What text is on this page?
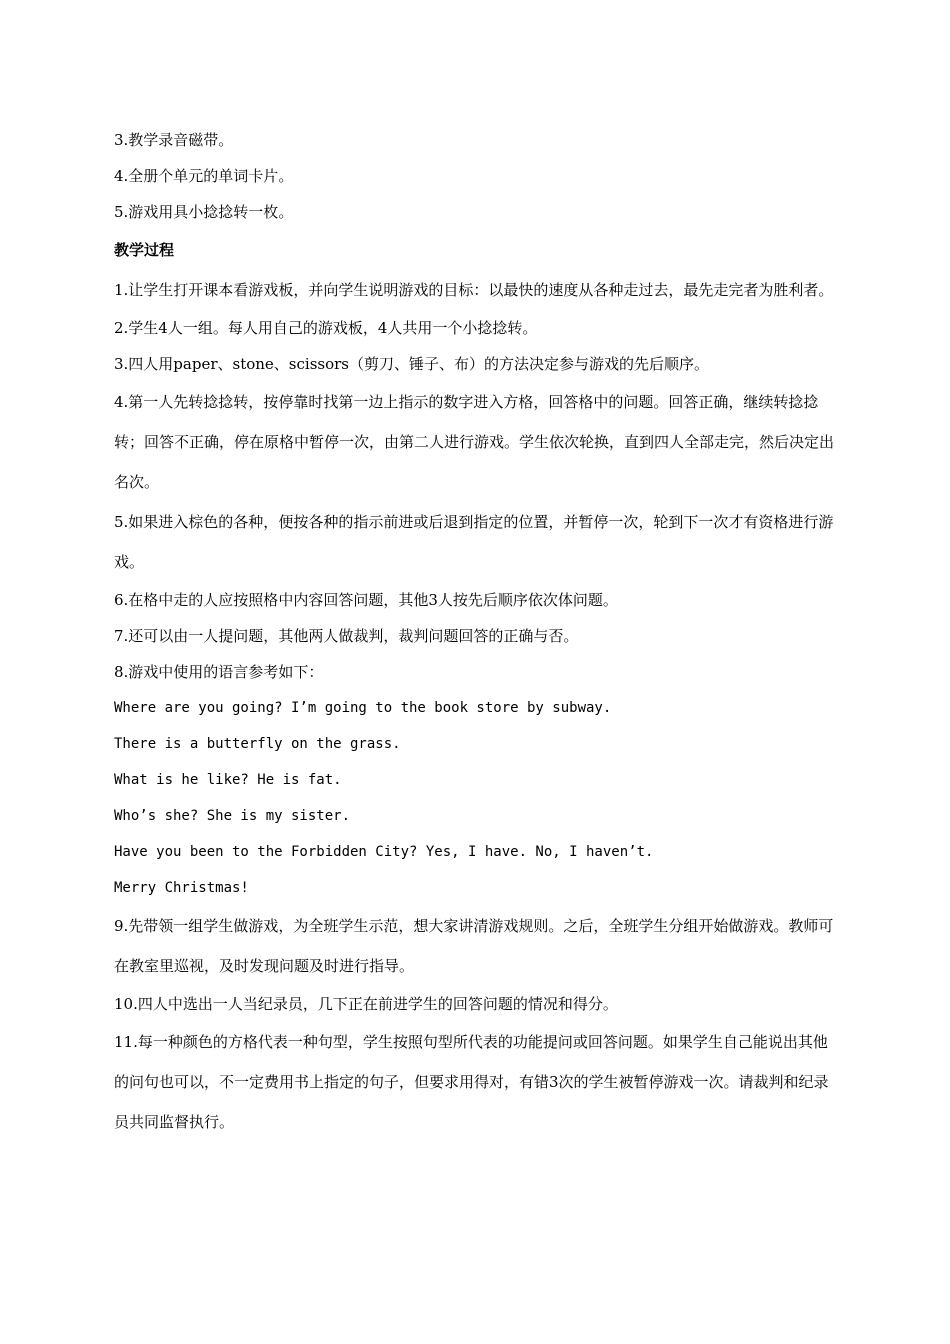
3.教学录音磁带。

4.全册个单元的单词卡片。

5.游戏用具小捻捻转一枚。

教学过程

1.让学生打开课本看游戏板，并向学生说明游戏的目标：以最快的速度从各种走过去，最先走完者为胜利者。

2.学生4人一组。每人用自己的游戏板，4人共用一个小捻捻转。

3.四人用paper、stone、scissors（剪刀、锤子、布）的方法决定参与游戏的先后顺序。

4.第一人先转捻捻转，按停靠时找第一边上指示的数字进入方格，回答格中的问题。回答正确，继续转捻捻转；回答不正确，停在原格中暂停一次，由第二人进行游戏。学生依次轮换，直到四人全部走完，然后决定出名次。

5.如果进入棕色的各种，便按各种的指示前进或后退到指定的位置，并暂停一次，轮到下一次才有资格进行游戏。

6.在格中走的人应按照格中内容回答问题，其他3人按先后顺序依次体问题。

7.还可以由一人提问题，其他两人做裁判，裁判问题回答的正确与否。

8.游戏中使用的语言参考如下：

Where are you going? I’m going to the book store by subway.

There is a butterfly on the grass.

What is he like? He is fat.

Who’s she? She is my sister.

Have you been to the Forbidden City? Yes, I have. No, I haven’t.

Merry Christmas!

9.先带领一组学生做游戏，为全班学生示范，想大家讲清游戏规则。之后，全班学生分组开始做游戏。教师可在教室里巡视，及时发现问题及时进行指导。

10.四人中选出一人当纪录员，几下正在前进学生的回答问题的情况和得分。

11.每一种颜色的方格代表一种句型，学生按照句型所代表的功能提问或回答问题。如果学生自己能说出其他的问句也可以，不一定费用书上指定的句子，但要求用得对，有错3次的学生被暂停游戏一次。请裁判和纪录员共同监督执行。
